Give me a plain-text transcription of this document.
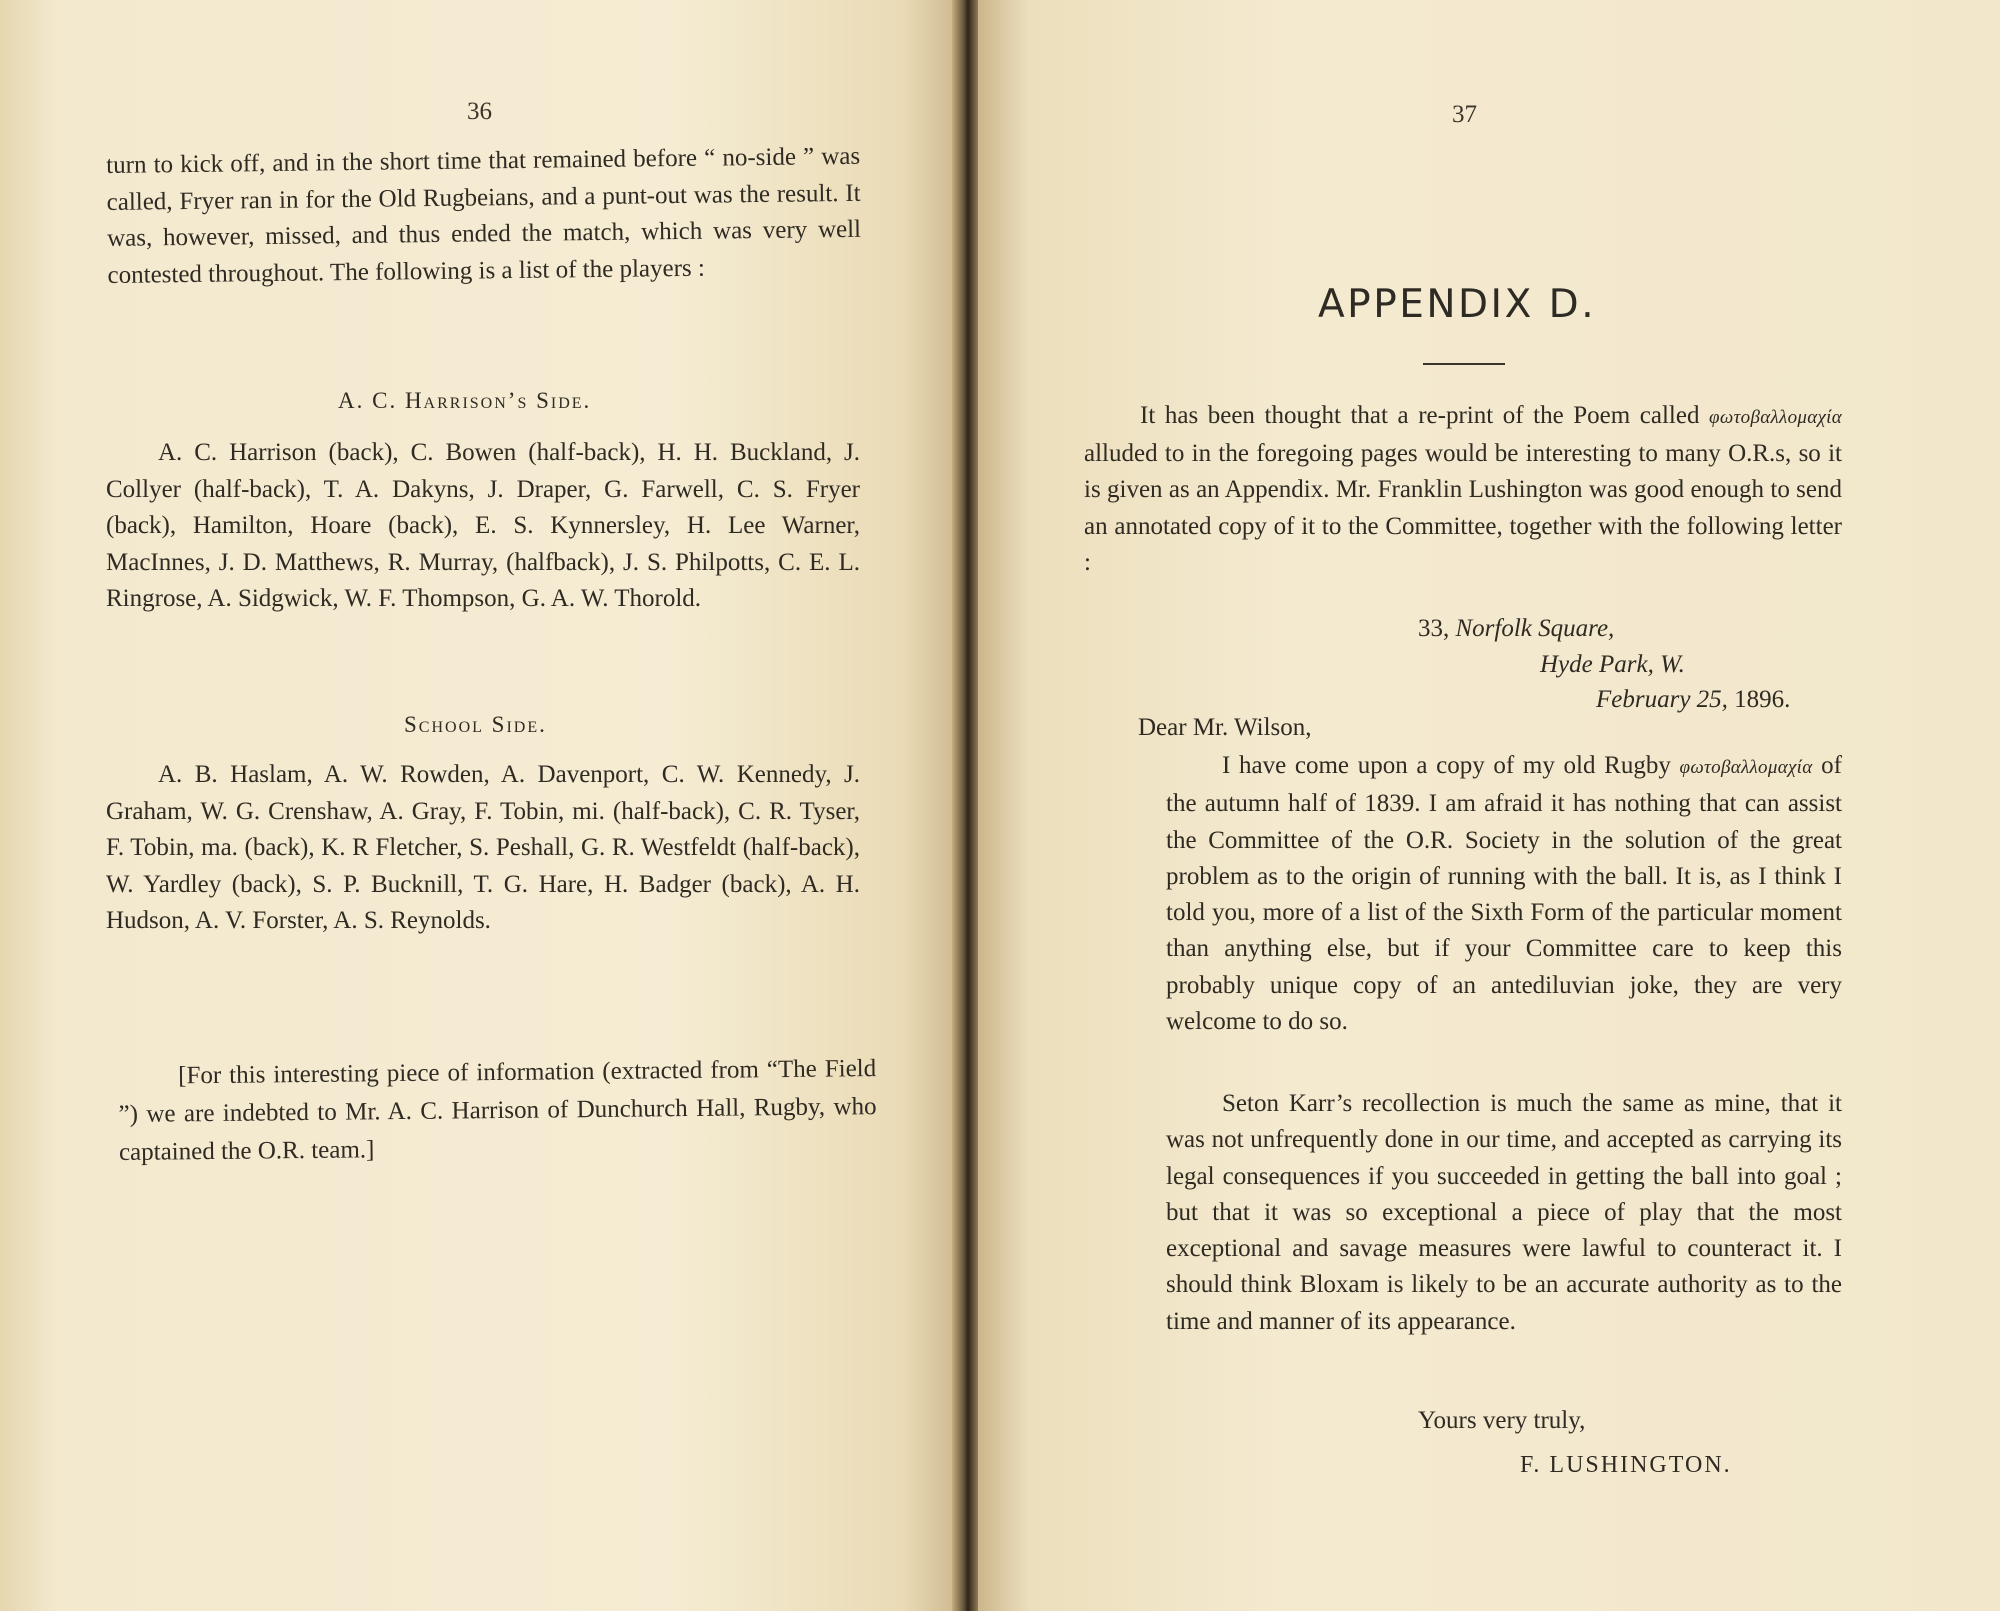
36

turn to kick off, and in the short time that remained before “ no-side ” was called, Fryer ran in for the Old Rugbeians, and a punt-out was the result. It was, however, missed, and thus ended the match, which was very well contested throughout. The following is a list of the players :

A. C. Harrison’s Side.

A. C. Harrison (back), C. Bowen (half-back), H. H. Buckland, J. Collyer (half-back), T. A. Dakyns, J. Draper, G. Farwell, C. S. Fryer (back), Hamilton, Hoare (back), E. S. Kynnersley, H. Lee Warner, MacInnes, J. D. Matthews, R. Murray, (halfback), J. S. Philpotts, C. E. L. Ringrose, A. Sidgwick, W. F. Thompson, G. A. W. Thorold.

School Side.

A. B. Haslam, A. W. Rowden, A. Davenport, C. W. Kennedy, J. Graham, W. G. Crenshaw, A. Gray, F. Tobin, mi. (half-back), C. R. Tyser, F. Tobin, ma. (back), K. R Fletcher, S. Peshall, G. R. Westfeldt (half-back), W. Yardley (back), S. P. Bucknill, T. G. Hare, H. Badger (back), A. H. Hudson, A. V. Forster, A. S. Reynolds.

[For this interesting piece of information (extracted from “The Field ”) we are indebted to Mr. A. C. Harrison of Dunchurch Hall, Rugby, who captained the O.R. team.]

37
APPENDIX D.

It has been thought that a re-print of the Poem called φωτοβαλλομαχία alluded to in the foregoing pages would be interesting to many O.R.s, so it is given as an Appendix. Mr. Franklin Lushington was good enough to send an annotated copy of it to the Committee, together with the following letter :

33, Norfolk Square,
Hyde Park, W.
February 25, 1896.
Dear Mr. Wilson,

I have come upon a copy of my old Rugby φωτοβαλλομαχία of the autumn half of 1839. I am afraid it has nothing that can assist the Committee of the O.R. Society in the solution of the great problem as to the origin of running with the ball. It is, as I think I told you, more of a list of the Sixth Form of the particular moment than anything else, but if your Committee care to keep this probably unique copy of an antediluvian joke, they are very welcome to do so.

Seton Karr’s recollection is much the same as mine, that it was not unfrequently done in our time, and accepted as carrying its legal consequences if you succeeded in getting the ball into goal ; but that it was so exceptional a piece of play that the most exceptional and savage measures were lawful to counteract it. I should think Bloxam is likely to be an accurate authority as to the time and manner of its appearance.

Yours very truly,
F. LUSHINGTON.
